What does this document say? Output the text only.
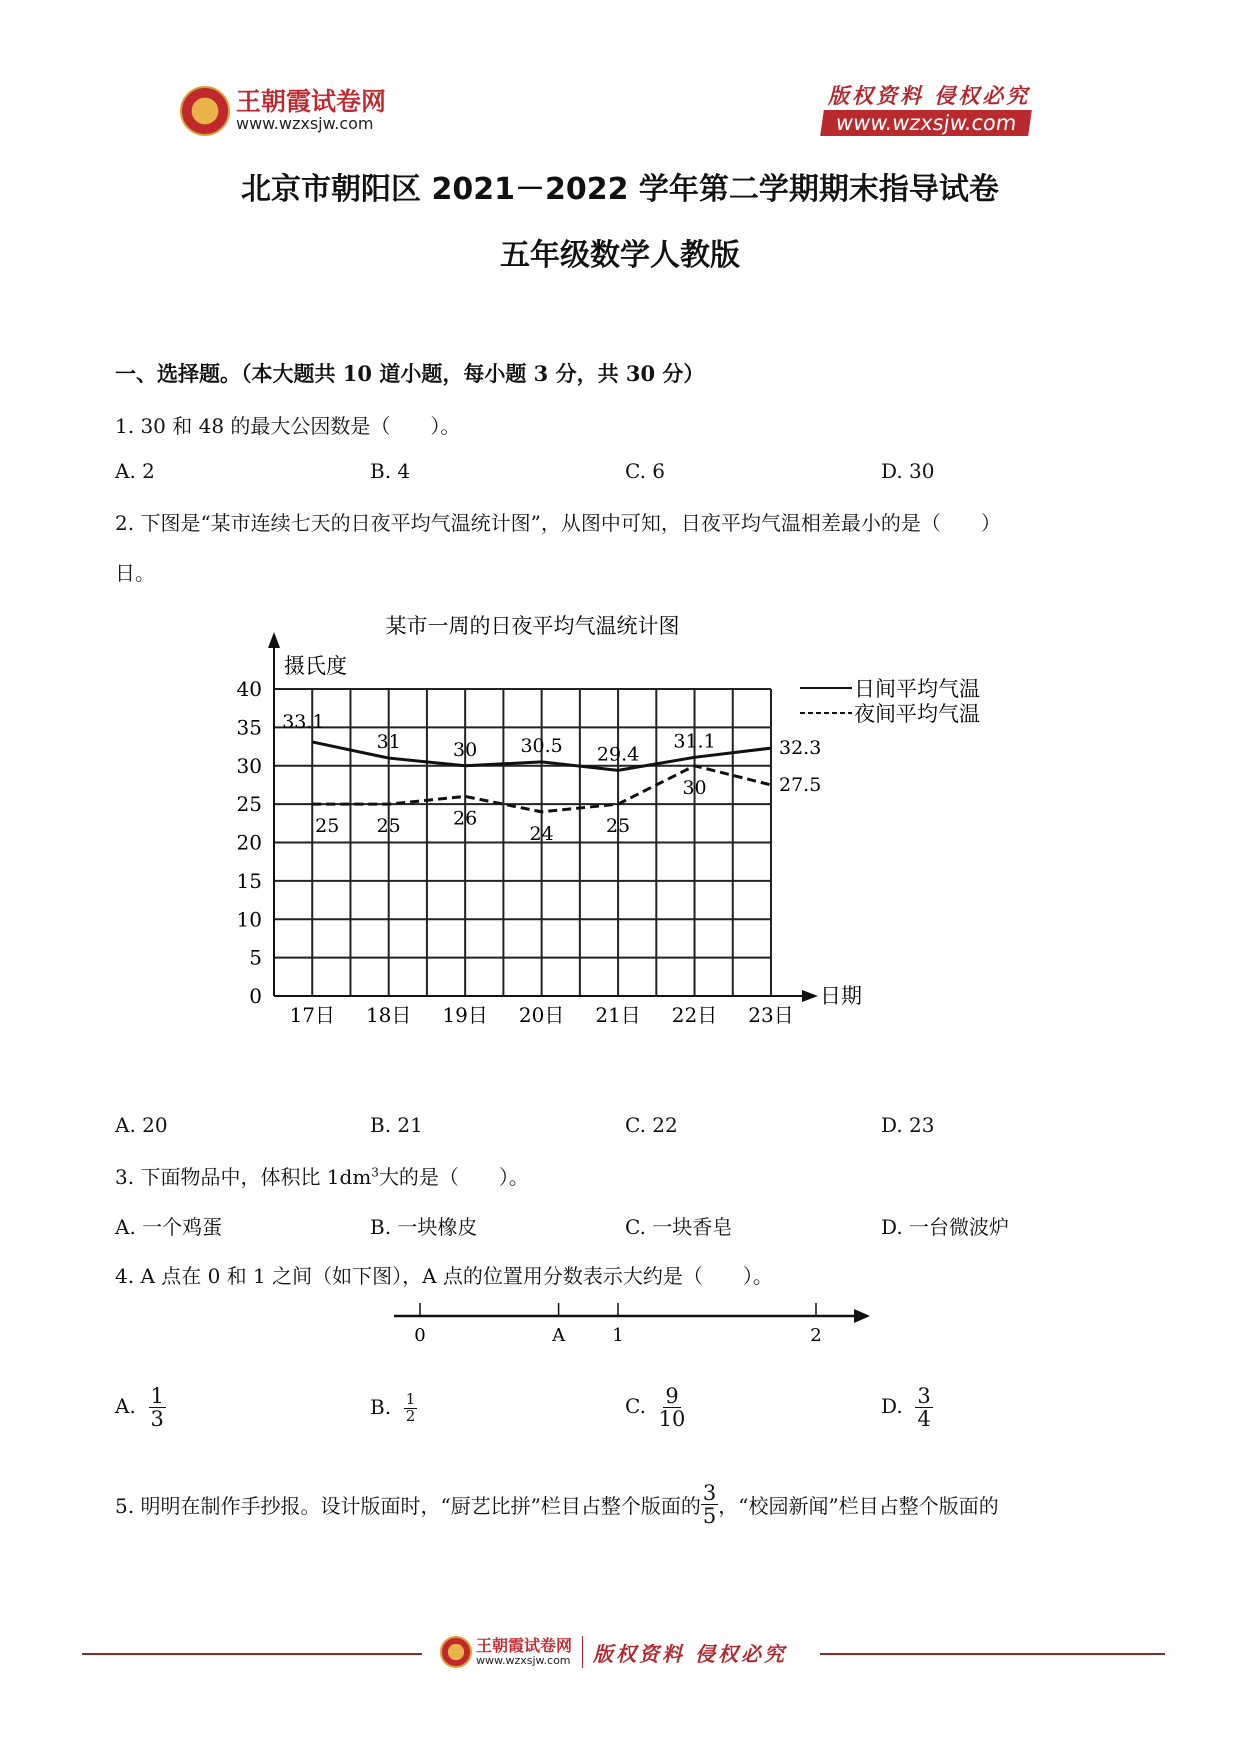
王朝霞试卷网
www.wzxsjw.com
版权资料 侵权必究
www.wzxsjw.com
北京市朝阳区 2021－2022 学年第二学期期末指导试卷
五年级数学人教版
一、选择题。（本大题共 10 道小题，每小题 3 分，共 30 分）
1. 30 和 48 的最大公因数是（　　）。
A. 2	B. 4	C. 6	D. 30
2. 下图是“某市连续七天的日夜平均气温统计图”，从图中可知，日夜平均气温相差最小的是（　　）
日。
某市一周的日夜平均气温统计图
摄氏度
0
5
10
15
20
25
30
35
40
日期
17日 18日 19日 20日 21日 22日 23日
33.1
31	30 30.5 29.4
31.1	32.3
日间平均气温
25 25	26
24	25
30	27.5
夜间平均气温
A. 20	B. 21	C. 22	D. 23
3. 下面物品中，体积比 $1dm^3$大的是（　　）。
A. 一个鸡蛋	B. 一块橡皮	C. 一块香皂	D. 一台微波炉
4. A 点在 0 和 1 之间（如下图），A 点的位置用分数表示大约是（　　）。
0	A	1	2
A. $\frac{1}{3}$	B. $\frac{1}{2}$	C. $\frac{9}{10}$	D. $\frac{3}{4}$
5. 明明在制作手抄报。设计版面时，“厨艺比拼”栏目占整个版面的 $\frac{3}{5}$ ，“校园新闻”栏目占整个版面的
王朝霞试卷网
www.wzxsjw.com 版权资料 侵权必究
